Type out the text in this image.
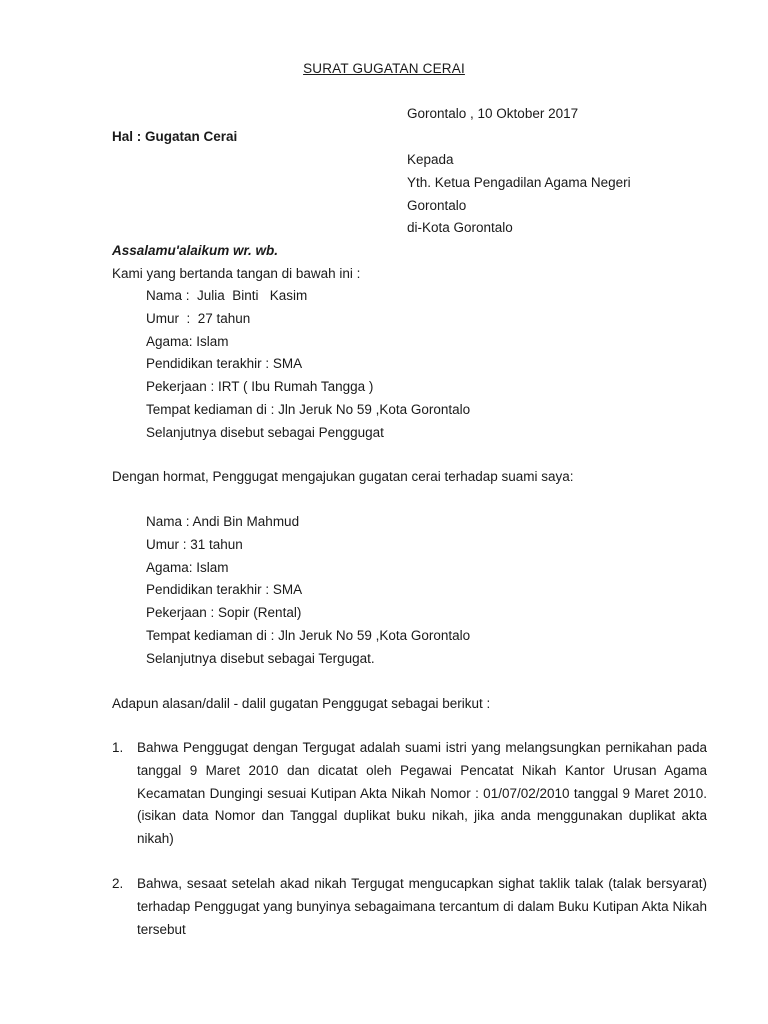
SURAT GUGATAN CERAI
Gorontalo , 10 Oktober 2017
Hal : Gugatan Cerai
Kepada
Yth. Ketua Pengadilan Agama Negeri
Gorontalo
di-Kota Gorontalo
Assalamu'alaikum wr. wb.
Kami yang bertanda tangan di bawah ini :
Nama :  Julia  Binti   Kasim
Umur  :  27 tahun
Agama: Islam
Pendidikan terakhir : SMA
Pekerjaan : IRT ( Ibu Rumah Tangga )
Tempat kediaman di : Jln Jeruk No 59 ,Kota Gorontalo
Selanjutnya disebut sebagai Penggugat
Dengan hormat, Penggugat mengajukan gugatan cerai terhadap suami saya:
Nama : Andi Bin Mahmud
Umur : 31 tahun
Agama: Islam
Pendidikan terakhir : SMA
Pekerjaan : Sopir (Rental)
Tempat kediaman di : Jln Jeruk No 59 ,Kota Gorontalo
Selanjutnya disebut sebagai Tergugat.
Adapun alasan/dalil - dalil gugatan Penggugat sebagai berikut :
1. Bahwa Penggugat dengan Tergugat adalah suami istri yang melangsungkan pernikahan pada tanggal 9 Maret 2010 dan dicatat oleh Pegawai Pencatat Nikah Kantor Urusan Agama Kecamatan Dungingi sesuai Kutipan Akta Nikah Nomor : 01/07/02/2010 tanggal 9 Maret 2010.(isikan data Nomor dan Tanggal duplikat buku nikah, jika anda menggunakan duplikat akta nikah)
2. Bahwa, sesaat setelah akad nikah Tergugat mengucapkan sighat taklik talak (talak bersyarat) terhadap Penggugat yang bunyinya sebagaimana tercantum di dalam Buku Kutipan Akta Nikah tersebut
